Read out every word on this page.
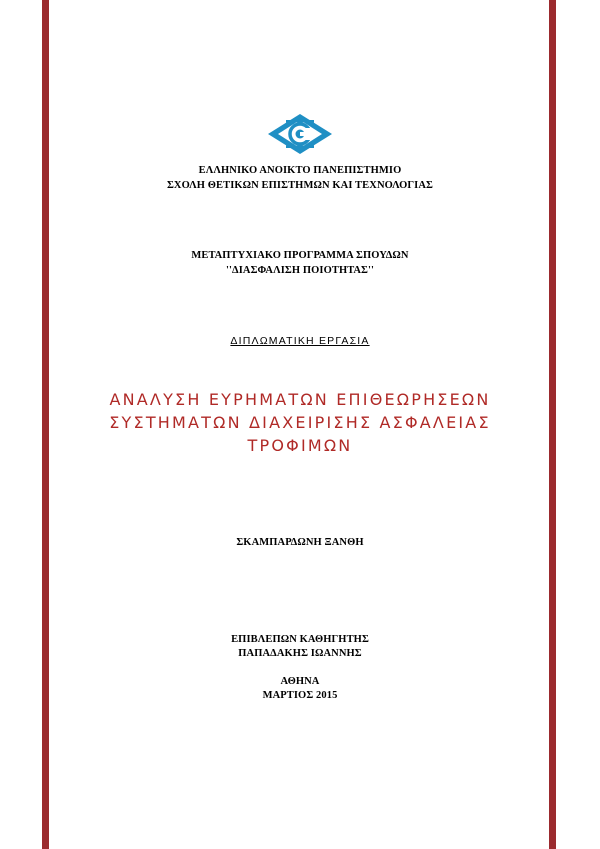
ΕΛΛΗΝΙΚΟ ΑΝΟΙΚΤΟ ΠΑΝΕΠΙΣΤΗΜΙΟ
ΣΧΟΛΗ ΘΕΤΙΚΩΝ ΕΠΙΣΤΗΜΩΝ ΚΑΙ ΤΕΧΝΟΛΟΓΙΑΣ
ΜΕΤΑΠΤΥΧΙΑΚΟ ΠΡΟΓΡΑΜΜΑ ΣΠΟΥΔΩΝ
''ΔΙΑΣΦΑΛΙΣΗ ΠΟΙΟΤΗΤΑΣ''
ΔΙΠΛΩΜΑΤΙΚΗ ΕΡΓΑΣΙΑ
ΑΝΑΛΥΣΗ ΕΥΡΗΜΑΤΩΝ ΕΠΙΘΕΩΡΗΣΕΩΝ
ΣΥΣΤΗΜΑΤΩΝ ΔΙΑΧΕΙΡΙΣΗΣ ΑΣΦΑΛΕΙΑΣ
ΤΡΟΦΙΜΩΝ
ΣΚΑΜΠΑΡΔΩΝΗ ΞΑΝΘΗ
ΕΠΙΒΛΕΠΩΝ ΚΑΘΗΓΗΤΗΣ
ΠΑΠΑΔΑΚΗΣ ΙΩΑΝΝΗΣ
ΑΘΗΝΑ
ΜΑΡΤΙΟΣ 2015
